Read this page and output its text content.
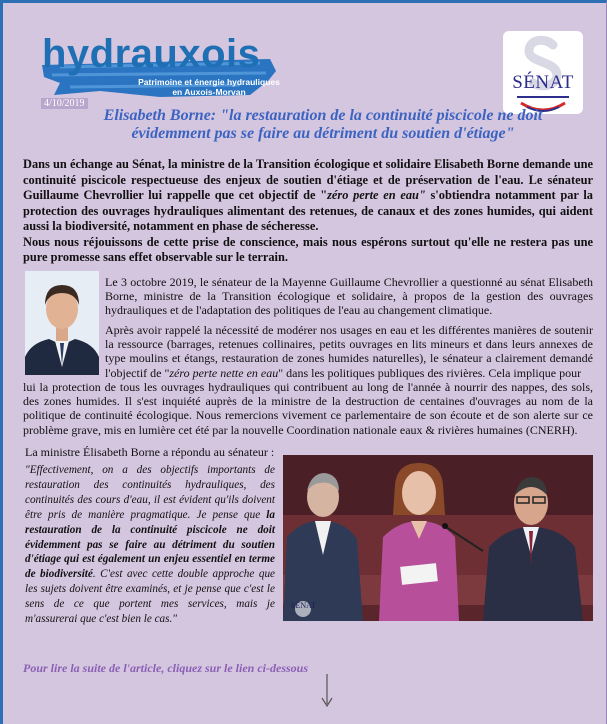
hydrauxois
Patrimoine et énergie hydrauliques en Auxois-Morvan
4/10/2019
SÉNAT
Elisabeth Borne: "la restauration de la continuité piscicole ne doit évidemment pas se faire au détriment du soutien d'étiage"

Dans un échange au Sénat, la ministre de la Transition écologique et solidaire Elisabeth Borne demande une continuité piscicole respectueuse des enjeux de soutien d'étiage et de préservation de l'eau. Le sénateur Guillaume Chevrollier lui rappelle que cet objectif de "zéro perte en eau" s'obtiendra notamment par la protection des ouvrages hydrauliques alimentant des retenues, de canaux et des zones humides, qui aident aussi la biodiversité, notamment en phase de sécheresse.

Nous nous réjouissons de cette prise de conscience, mais nous espérons surtout qu'elle ne restera pas une pure promesse sans effet observable sur le terrain.

Le 3 octobre 2019, le sénateur de la Mayenne Guillaume Chevrollier a questionné au sénat Elisabeth Borne, ministre de la Transition écologique et solidaire, à propos de la gestion des ouvrages hydrauliques et de l'adaptation des politiques de l'eau au changement climatique.

Après avoir rappelé la nécessité de modérer nos usages en eau et les différentes manières de soutenir la ressource (barrages, retenues collinaires, petits ouvrages en lits mineurs et dans leurs annexes de type moulins et étangs, restauration de zones humides naturelles), le sénateur a clairement demandé l'objectif de "zéro perte nette en eau" dans les politiques publiques des rivières. Cela implique pour

lui la protection de tous les ouvrages hydrauliques qui contribuent au long de l'année à nourrir des nappes, des sols, des zones humides. Il s'est inquiété auprès de la ministre de la destruction de centaines d'ouvrages au nom de la politique de continuité écologique. Nous remercions vivement ce parlementaire de son écoute et de son alerte sur ce problème grave, mis en lumière cet été par la nouvelle Coordination nationale eaux & rivières humaines (CNERH).

La ministre Élisabeth Borne a répondu au sénateur :

"Effectivement, on a des objectifs importants de restauration des continuités hydrauliques, des continuités des cours d'eau, il est évident qu'ils doivent être pris de manière pragmatique. Je pense que la restauration de la continuité piscicole ne doit évidemment pas se faire au détriment du soutien d'étiage qui est également un enjeu essentiel en terme de biodiversité. C'est avec cette double approche que les sujets doivent être examinés, et je pense que c'est le sens de ce que portent mes services, mais je m'assurerai que c'est bien le cas."

SÉNAT
Pour lire la suite de l'article, cliquez sur le lien ci-dessous
